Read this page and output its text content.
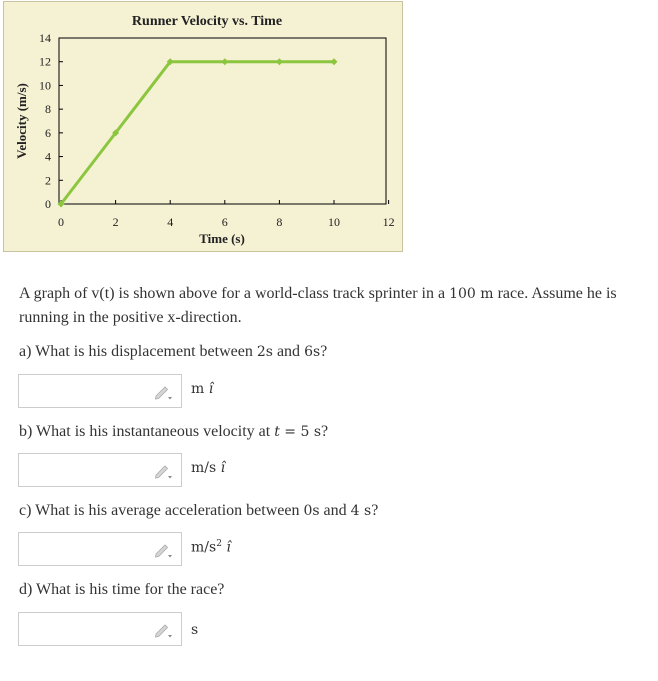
Runner Velocity vs. Time
0
2
4
6
8
10
12
14
0	2	4	6	8	10	12
Time (s)
Velocity (m/s)
A graph of v(t) is shown above for a world-class track sprinter in a 100 m race. Assume he is running in the positive x-direction.
a) What is his displacement between 2s and 6s?
m î
b) What is his instantaneous velocity at t = 5 s?
m/s î
c) What is his average acceleration between 0s and 4 s?
$m/s^2$ î
d) What is his time for the race?
s
